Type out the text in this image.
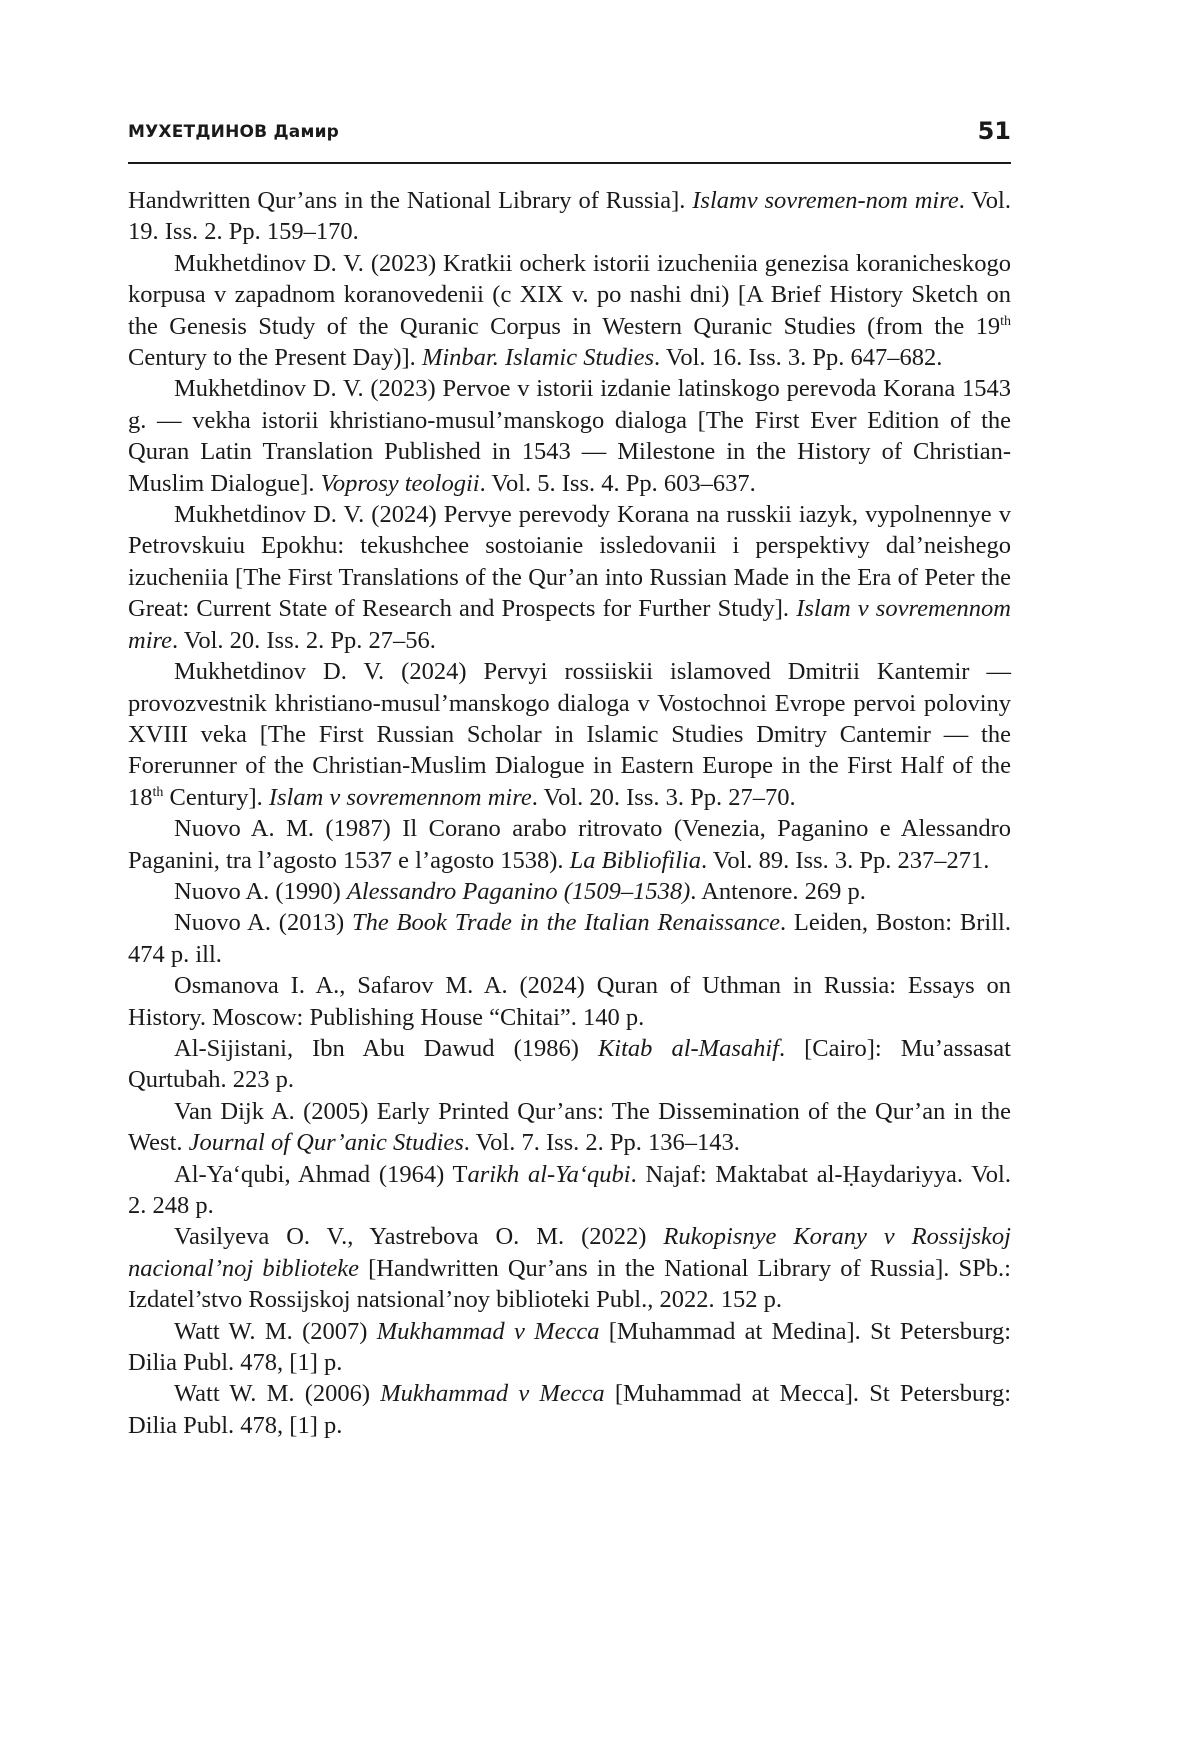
МУХЕТДИНОВ Дамир	51

Handwritten Qur’ans in the National Library of Russia]. Islamv sovremen-nom mire. Vol. 19. Iss. 2. Pp. 159–170.

Mukhetdinov D. V. (2023) Kratkii ocherk istorii izucheniia genezisa koranicheskogo korpusa v zapadnom koranovedenii (c XIX v. po nashi dni) [A Brief History Sketch on the Genesis Study of the Quranic Corpus in Western Quranic Studies (from the 19th Century to the Present Day)]. Minbar. Islamic Studies. Vol. 16. Iss. 3. Pp. 647–682.

Mukhetdinov D. V. (2023) Pervoe v istorii izdanie latinskogo perevoda Korana 1543 g. — vekha istorii khristiano-musul’manskogo dialoga [The First Ever Edition of the Quran Latin Translation Published in 1543 — Milestone in the History of Christian-Muslim Dialogue]. Voprosy teologii. Vol. 5. Iss. 4. Pp. 603–637.

Mukhetdinov D. V. (2024) Pervye perevody Korana na russkii iazyk, vypolnennye v Petrovskuiu Epokhu: tekushchee sostoianie issledovanii i perspektivy dal’neishego izucheniia [The First Translations of the Qur’an into Russian Made in the Era of Peter the Great: Current State of Research and Prospects for Further Study]. Islam v sovremennom mire. Vol. 20. Iss. 2. Pp. 27–56.

Mukhetdinov D. V. (2024) Pervyi rossiiskii islamoved Dmitrii Kantemir — provozvestnik khristiano-musul’manskogo dialoga v Vostochnoi Evrope pervoi poloviny XVIII veka [The First Russian Scholar in Islamic Studies Dmitry Cantemir — the Forerunner of the Christian-Muslim Dialogue in Eastern Europe in the First Half of the 18th Century]. Islam v sovremennom mire. Vol. 20. Iss. 3. Pp. 27–70.

Nuovo A. M. (1987) Il Corano arabo ritrovato (Venezia, Paganino e Alessandro Paganini, tra l’agosto 1537 e l’agosto 1538). La Bibliofilia. Vol. 89. Iss. 3. Pp. 237–271.

Nuovo A. (1990) Alessandro Paganino (1509–1538). Antenore. 269 p.

Nuovo A. (2013) The Book Trade in the Italian Renaissance. Leiden, Boston: Brill. 474 p. ill.

Osmanova I. A., Safarov M. A. (2024) Quran of Uthman in Russia: Essays on History. Moscow: Publishing House “Chitai”. 140 p.

Al-Sijistani, Ibn Abu Dawud (1986) Kitab al-Masahif. [Cairo]: Mu’assasat Qurtubah. 223 p.

Van Dijk A. (2005) Early Printed Qur’ans: The Dissemination of the Qur’an in the West. Journal of Qur’anic Studies. Vol. 7. Iss. 2. Pp. 136–143.

Al-Ya‘qubi, Ahmad (1964) Tarikh al-Ya‘qubi. Najaf: Maktabat al-Ḥaydariyya. Vol. 2. 248 p.

Vasilyeva O. V., Yastrebova O. M. (2022) Rukopisnye Korany v Rossijskoj nacional’noj biblioteke [Handwritten Qur’ans in the National Library of Russia]. SPb.: Izdatel’stvo Rossijskoj natsional’noy biblioteki Publ., 2022. 152 p.

Watt W. M. (2007) Mukhammad v Mecca [Muhammad at Medina]. St Petersburg: Dilia Publ. 478, [1] p.

Watt W. M. (2006) Mukhammad v Mecca [Muhammad at Mecca]. St Petersburg: Dilia Publ. 478, [1] p.
